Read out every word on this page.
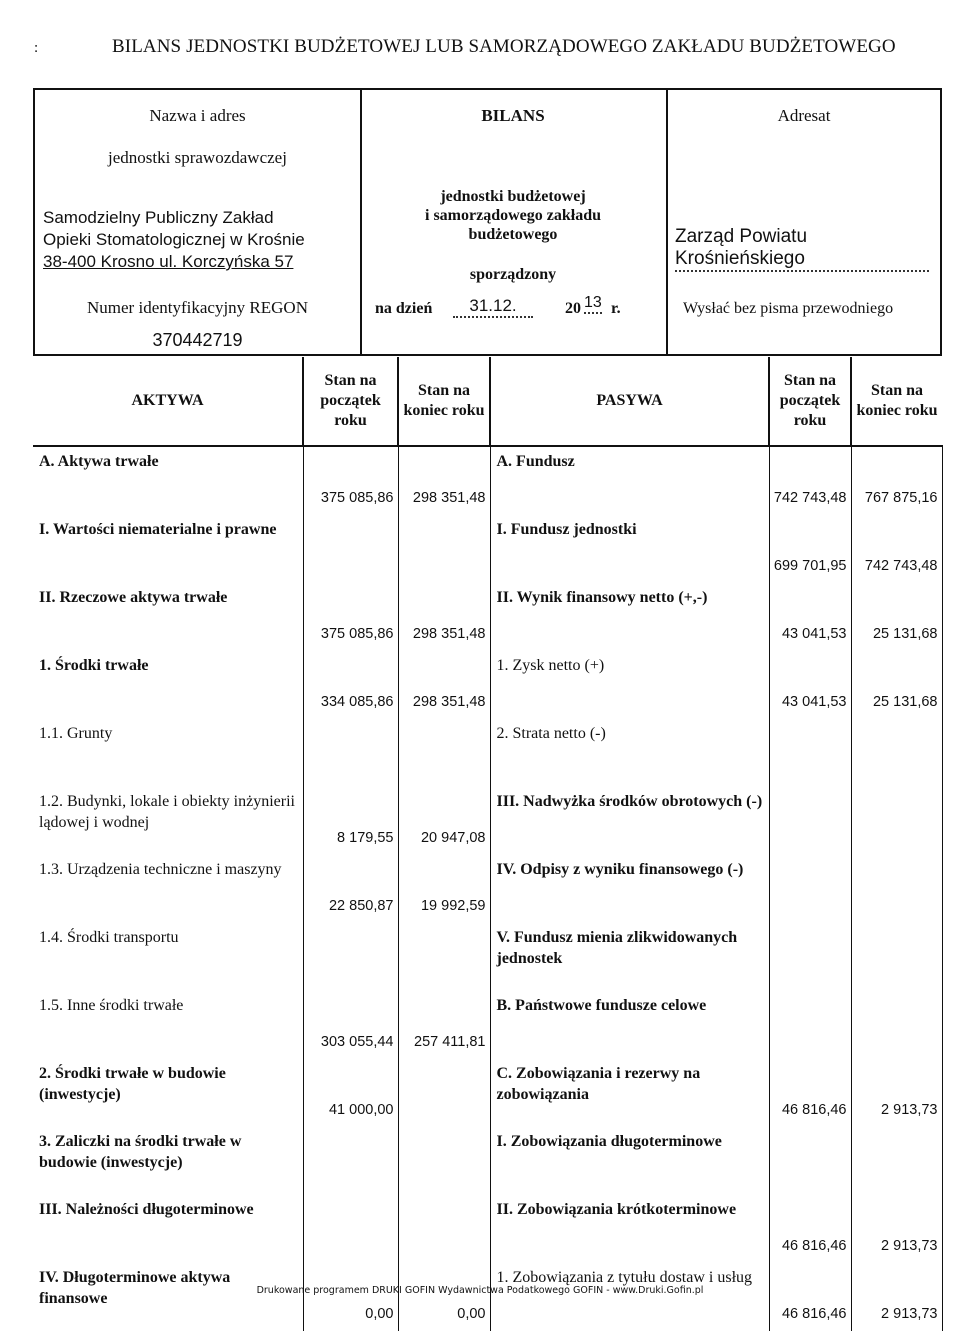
:	BILANS JEDNOSTKI BUDŻETOWEJ LUB SAMORZĄDOWEGO ZAKŁADU BUDŻETOWEGO
Nazwa i adres
jednostki sprawozdawczej
Samodzielny Publiczny Zakład
Opieki Stomatologicznej w Krośnie
38-400 Krosno ul. Korczyńska 57
Numer identyfikacyjny REGON
370442719
BILANS
jednostki budżetowej
i samorządowego zakładu
budżetowego
sporządzony
na dzień	31.12.	20 13 r.
Adresat
Zarząd Powiatu
Krośnieńskiego
Wysłać bez pisma przewodniego
AKTYWA	Stan na początek roku	Stan na koniec roku	PASYWA	Stan na początek roku	Stan na koniec roku
A. Aktywa trwałe	375 085,86	298 351,48	A. Fundusz	742 743,48	767 875,16
I. Wartości niematerialne i prawne			I. Fundusz jednostki	699 701,95	742 743,48
II. Rzeczowe aktywa trwałe	375 085,86	298 351,48	II. Wynik finansowy netto (+,-)	43 041,53	25 131,68
1. Środki trwałe	334 085,86	298 351,48	1. Zysk netto (+)	43 041,53	25 131,68
1.1. Grunty			2. Strata netto (-)		
1.2. Budynki, lokale i obiekty inżynierii lądowej i wodnej	8 179,55	20 947,08	III. Nadwyżka środków obrotowych (-)		
1.3. Urządzenia techniczne i maszyny	22 850,87	19 992,59	IV. Odpisy z wyniku finansowego (-)		
1.4. Środki transportu			V. Fundusz mienia zlikwidowanych jednostek		
1.5. Inne środki trwałe	303 055,44	257 411,81	B. Państwowe fundusze celowe		
2. Środki trwałe w budowie (inwestycje)	41 000,00		C. Zobowiązania i rezerwy na zobowiązania	46 816,46	2 913,73
3. Zaliczki na środki trwałe w budowie (inwestycje)			I. Zobowiązania długoterminowe		
III. Należności długoterminowe			II. Zobowiązania krótkoterminowe	46 816,46	2 913,73
IV. Długoterminowe aktywa finansowe	0,00	0,00	1. Zobowiązania z tytułu dostaw i usług	46 816,46	2 913,73
Drukowane programem DRUKI GOFIN Wydawnictwa Podatkowego GOFIN - www.Druki.Gofin.pl
